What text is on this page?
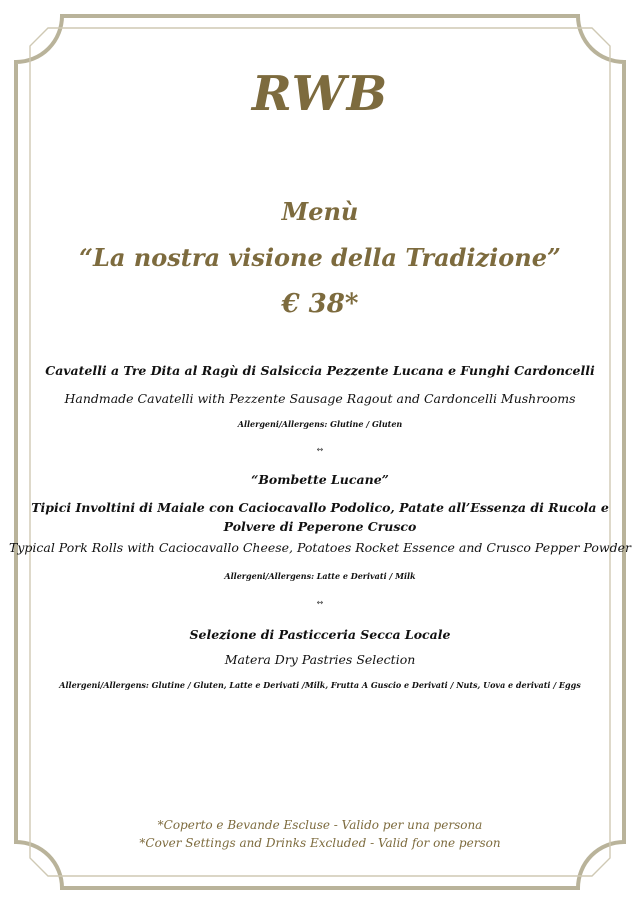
RWB
Menù
“La nostra visione della Tradizione”
€ 38*
Cavatelli a Tre Dita al Ragù di Salsiccia Pezzente Lucana e Funghi Cardoncelli
Handmade Cavatelli with Pezzente Sausage Ragout and Cardoncelli Mushrooms
Allergeni/Allergens: Glutine / Gluten
↭
“Bombette Lucane”
Tipici Involtini di Maiale con Caciocavallo Podolico, Patate all’Essenza di Rucola e
Polvere di Peperone Crusco
Typical Pork Rolls with Caciocavallo Cheese, Potatoes Rocket Essence and Crusco Pepper Powder
Allergeni/Allergens: Latte e Derivati / Milk
↭
Selezione di Pasticceria Secca Locale
Matera Dry Pastries Selection
Allergeni/Allergens: Glutine / Gluten, Latte e Derivati /Milk, Frutta A Guscio e Derivati / Nuts, Uova e derivati / Eggs
*Coperto e Bevande Escluse - Valido per una persona
*Cover Settings and Drinks Excluded - Valid for one person
